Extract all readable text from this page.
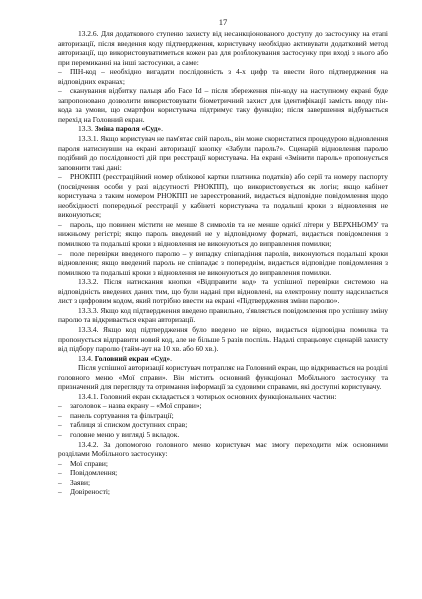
17

13.2.6. Для додаткового ступеню захисту від несанкціонованого доступу до застосунку на етапі авторизації, після введення коду підтвердження, користувачу необхідно активувати додатковий метод авторизації, що використовуватиметься кожен раз для розблокування застосунку при вході з нього або при перемиканні на інші застосунки, а саме:

– ПІН-код – необхідно вигадати послідовність з 4-х цифр та ввести його підтвердження на відповідних екранах;

– сканування відбитку пальця або Face Id – після збереження пін-коду на наступному екрані буде запропоновано дозволити використовувати біометричний захист для ідентифікації замість вводу пін-кода за умови, що смартфон користувача підтримує таку функцію; після завершення відбувається перехід на Головний екран.

13.3. Зміна пароля «Суд».

13.3.1. Якщо користувач не пам'ятає свій пароль, він може скористатися процедурою відновлення пароля натиснувши на екрані авторизації кнопку «Забули пароль?». Сценарій відновлення паролю подібний до послідовності дій при реєстрації користувача. На екрані «Змінити пароль» пропонується заповнити такі дані:

– РНОКПП (реєстраційний номер облікової картки платника податків) або серії та номеру паспорту (посвідчення особи у разі відсутності РНОКПП), що використовується як логін; якщо кабінет користувача з таким номером РНОКПП не зареєстрований, видається відповідне повідомлення щодо необхідності попередньої реєстрації у кабінеті користувача та подальші кроки з відновлення не виконуються;

– пароль, що повинен містити не менше 8 символів та не менше однієї літери у ВЕРХНЬОМУ та нижньому регістрі; якщо пароль введений не у відповідному форматі, видається повідомлення з помилкою та подальші кроки з відновлення не виконуються до виправлення помилки;

– поле перевірки введеного паролю – у випадку співпадіння паролів, виконуються подальші кроки відновлення; якщо введений пароль не співпадає з попереднім, видається відповідне повідомлення з помилкою та подальші кроки з відновлення не виконуються до виправлення помилки.

13.3.2. Після натискання кнопки «Відправити код» та успішної перевірки системою на відповідність введених даних тим, що були надані при відновлені, на електронну пошту надсилається лист з цифровим кодом, який потрібно ввести на екрані «Підтвердження зміни паролю».

13.3.3. Якщо код підтвердження введено правильно, з'являється повідомлення про успішну зміну паролю та відкривається екран авторизації.

13.3.4. Якщо код підтвердження було введено не вірно, видається відповідна помилка та пропонується відправити новий код, але не більше 5 разів поспіль. Надалі спрацьовує сценарій захисту від підбору паролю (тайм-аут на 10 хв. або 60 хв.).

13.4. Головний екран «Суд».

Після успішної авторизації користувач потрапляє на Головний екран, що відкривається на розділі головного меню «Мої справи». Він містить основний функціонал Мобільного застосунку та призначений для перегляду та отримання інформації за судовими справами, які доступні користувачу.

13.4.1. Головний екран складається з чотирьох основних функціональних частин:

– заголовок – назва екрану – «Мої справи»;

– панель сортування та фільтрації;

– таблиця зі списком доступних справ;

– головне меню у вигляді 5 вкладок.

13.4.2. За допомогою головного меню користувач має змогу переходити між основними розділами Мобільного застосунку:

– Мої справи;

– Повідомлення;

– Заяви;

– Довіреності;
